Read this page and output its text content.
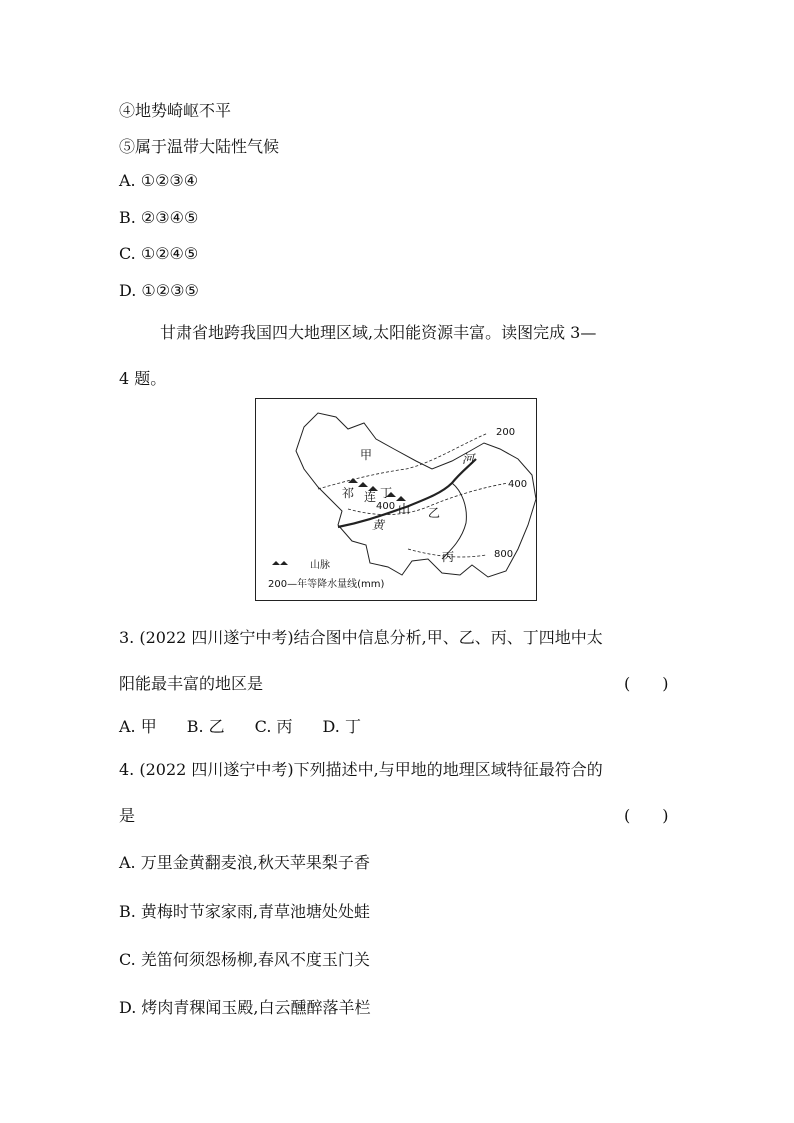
④地势崎岖不平
⑤属于温带大陆性气候
A. ①②③④
B. ②③④⑤
C. ①②④⑤
D. ①②③⑤
甘肃省地跨我国四大地理区域,太阳能资源丰富。读图完成 3—
4 题。
甲	河
祁 连 丁
山 乙
黄
丙
200
400
400
800
山脉
200—年等降水量线(mm)
3. (2022 四川遂宁中考)结合图中信息分析,甲、乙、丙、丁四地中太
阳能最丰富的地区是	(　　)
A. 甲 B. 乙 C. 丙 D. 丁
4. (2022 四川遂宁中考)下列描述中,与甲地的地理区域特征最符合的
是	(　　)
A. 万里金黄翻麦浪,秋天苹果梨子香
B. 黄梅时节家家雨,青草池塘处处蛙
C. 羌笛何须怨杨柳,春风不度玉门关
D. 烤肉青稞闻玉殿,白云醺醉落羊栏
